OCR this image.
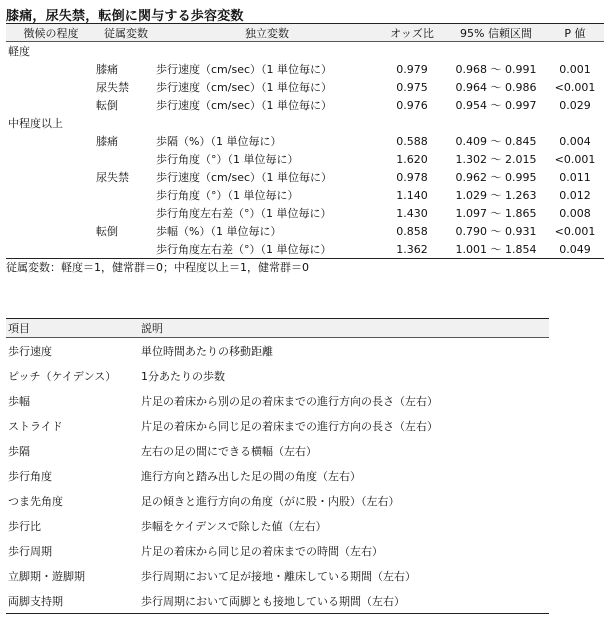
膝痛，尿失禁，転倒に関与する歩容変数
徴候の程度	従属変数	独立変数	オッズ比	95% 信頼区間	P 値
軽度					
	膝痛	歩行速度（cm/sec）（1 単位毎に）	0.979	0.968 ～ 0.991	0.001
	尿失禁	歩行速度（cm/sec）（1 単位毎に）	0.975	0.964 ～ 0.986	<0.001
	転倒	歩行速度（cm/sec）（1 単位毎に）	0.976	0.954 ～ 0.997	0.029
中程度以上					
	膝痛	歩隔（%）（1 単位毎に）	0.588	0.409 ～ 0.845	0.004
		歩行角度（°）（1 単位毎に）	1.620	1.302 ～ 2.015	<0.001
	尿失禁	歩行速度（cm/sec）（1 単位毎に）	0.978	0.962 ～ 0.995	0.011
		歩行角度（°）（1 単位毎に）	1.140	1.029 ～ 1.263	0.012
		歩行角度左右差（°）（1 単位毎に）	1.430	1.097 ～ 1.865	0.008
	転倒	歩幅（%）（1 単位毎に）	0.858	0.790 ～ 0.931	<0.001
		歩行角度左右差（°）（1 単位毎に）	1.362	1.001 ～ 1.854	0.049
従属変数：軽度＝1，健常群＝0；中程度以上＝1，健常群＝0
項目	説明
歩行速度	単位時間あたりの移動距離
ピッチ（ケイデンス）	1分あたりの歩数
歩幅	片足の着床から別の足の着床までの進行方向の長さ（左右）
ストライド	片足の着床から同じ足の着床までの進行方向の長さ（左右）
歩隔	左右の足の間にできる横幅（左右）
歩行角度	進行方向と踏み出した足の間の角度（左右）
つま先角度	足の傾きと進行方向の角度（がに股・内股）（左右）
歩行比	歩幅をケイデンスで除した値（左右）
歩行周期	片足の着床から同じ足の着床までの時間（左右）
立脚期・遊脚期	歩行周期において足が接地・離床している期間（左右）
両脚支持期	歩行周期において両脚とも接地している期間（左右）
